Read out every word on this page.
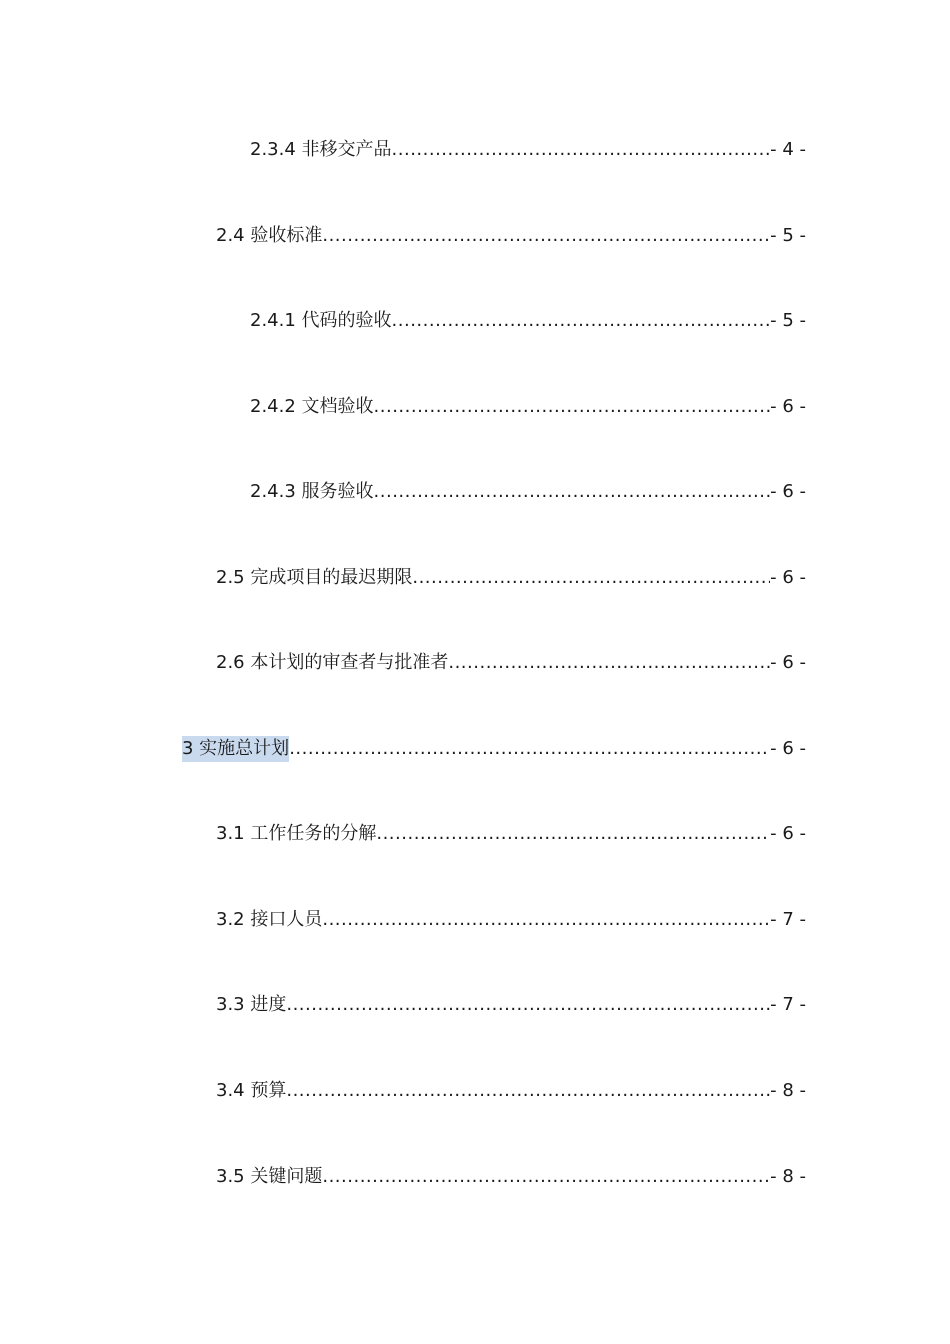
2.3.4 非移交产品 .....	- 4 -
2.4 验收标准 .....	- 5 -
2.4.1 代码的验收 .....	- 5 -
2.4.2 文档验收 .....	- 6 -
2.4.3 服务验收 .....	- 6 -
2.5 完成项目的最迟期限 .....	- 6 -
2.6 本计划的审查者与批准者 .....	- 6 -
3 实施总计划 .....	- 6 -
3.1 工作任务的分解 .....	- 6 -
3.2 接口人员 .....	- 7 -
3.3 进度 .....	- 7 -
3.4 预算 .....	- 8 -
3.5 关键问题 .....	- 8 -
